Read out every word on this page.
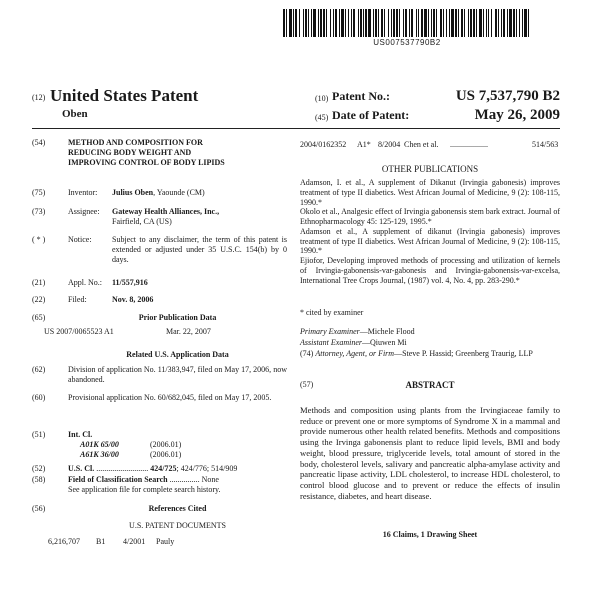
US007537790B2
(12) United States Patent
Oben
(10) Patent No.:	US 7,537,790 B2
(45) Date of Patent:	May 26, 2009
(54)	METHOD AND COMPOSITION FOR
REDUCING BODY WEIGHT AND
IMPROVING CONTROL OF BODY LIPIDS
(75)	Inventor: Julius Oben, Yaounde (CM)
(73)	Assignee: Gateway Health Alliances, Inc.,
Fairfield, CA (US)
( * )	Notice:	Subject to any disclaimer, the term of this patent is extended or adjusted under 35 U.S.C. 154(b) by 0 days.
(21)	Appl. No.: 11/557,916
(22)	Filed:	Nov. 8, 2006
(65)	Prior Publication Data
US 2007/0065523 A1	Mar. 22, 2007
Related U.S. Application Data
(62)	Division of application No. 11/383,947, filed on May 17, 2006, now abandoned.
(60)	Provisional application No. 60/682,045, filed on May 17, 2005.
(51)	Int. Cl.
A01K 65/00	(2006.01)
A61K 36/00	(2006.01)
(52)	U.S. Cl. .......................... 424/725; 424/776; 514/909
(58)	Field of Classification Search ............... None
See application file for complete search history.
(56)	References Cited
U.S. PATENT DOCUMENTS
6,216,707 B1 4/2001 Pauly
2004/0162352 A1* 8/2004 Chen et al. ...................	514/563
OTHER PUBLICATIONS
Adamson, I. et al., A supplement of Dikanut (Irvingia gabonesis) improves treatment of type II diabetics. West African Journal of Medicine, 9 (2): 108-115, 1990.*
Okolo et al., Analgesic effect of Irvingia gabonensis stem bark extract. Journal of Ethnopharmacology 45: 125-129, 1995.*
Adamson et al., A supplement of dikanut (Irvingia gabonesis) improves treatment of type II diabetics. West African Journal of Medicine, 9 (2): 108-115, 1990.*
Ejiofor, Developing improved methods of processing and utilization of kernels of Irvingia-gabonensis-var-gabonesis and Irvingia-gabonensis-var-excelsa, International Tree Crops Journal, (1987) vol. 4, No. 4, pp. 283-290.*
* cited by examiner
Primary Examiner—Michele Flood
Assistant Examiner—Qiuwen Mi
(74) Attorney, Agent, or Firm—Steve P. Hassid; Greenberg Traurig, LLP
(57)	ABSTRACT
Methods and composition using plants from the Irvingiaceae family to reduce or prevent one or more symptoms of Syndrome X in a mammal and provide numerous other health related benefits. Methods and compositions using the Irvinga gabonensis plant to reduce lipid levels, BMI and body weight, blood pressure, triglyceride levels, total amount of stored in the body, cholesterol levels, salivary and pancreatic alpha-amylase activity and pancreatic lipase activity, LDL cholesterol, to increase HDL cholesterol, to control blood glucose and to prevent or reduce the effects of insulin resistance, diabetes, and heart disease.
16 Claims, 1 Drawing Sheet
